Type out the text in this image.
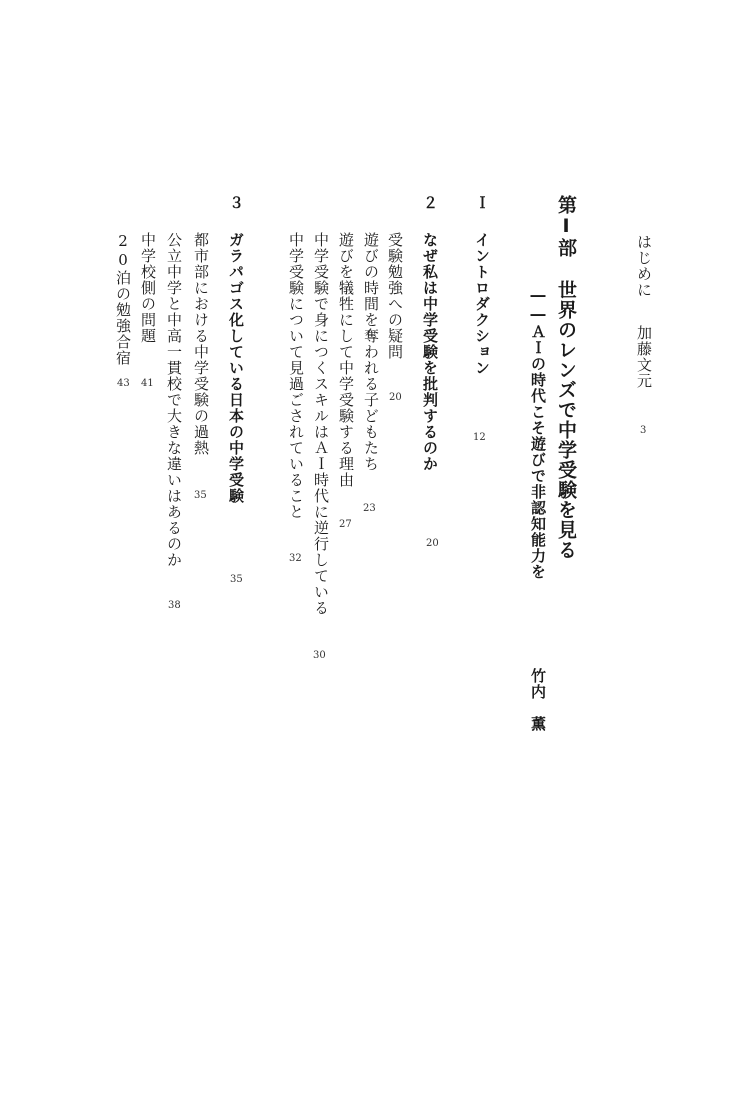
はじめに
加藤文元
3
第Ⅰ部
世界のレンズで中学受験を見る
――ＡＩの時代こそ遊びで非認知能力を
竹内　薫
Ｉ
イントロダクション
12
２
なぜ私は中学受験を批判するのか
20
受験勉強への疑問
20
遊びの時間を奪われる子どもたち
23
遊びを犠牲にして中学受験する理由
27
中学受験で身につくスキルはＡＩ時代に逆行している
30
中学受験について見過ごされていること
32
３
ガラパゴス化している日本の中学受験
35
都市部における中学受験の過熱
35
公立中学と中高一貫校で大きな違いはあるのか
38
中学校側の問題
41
20泊の勉強合宿
43
